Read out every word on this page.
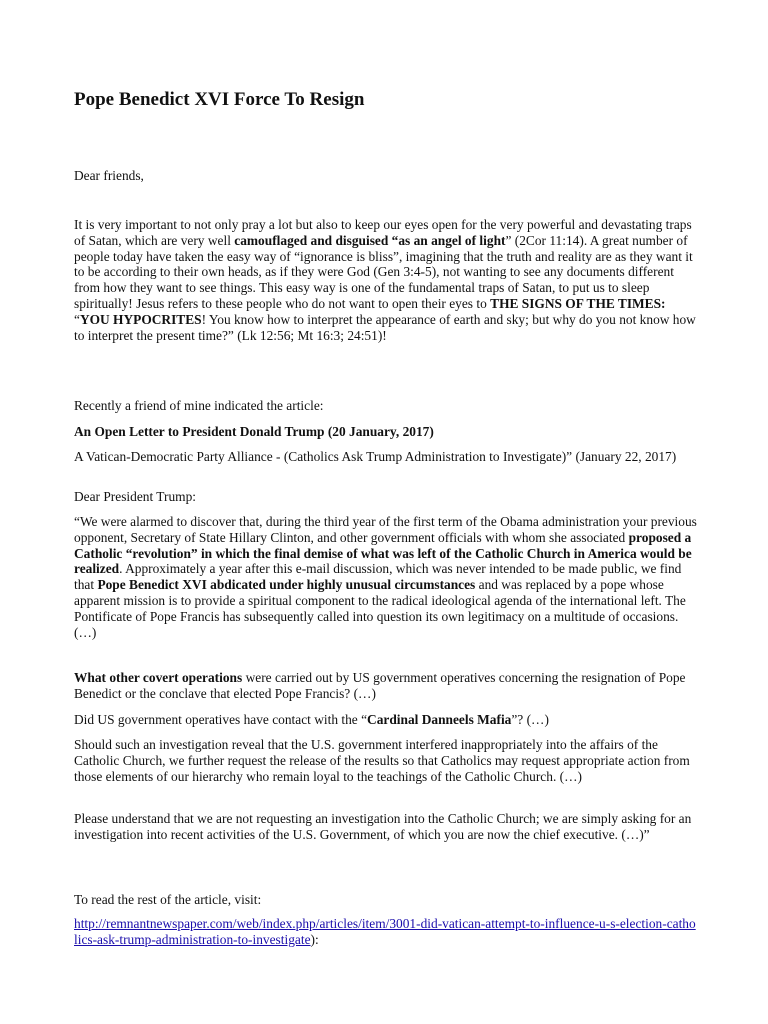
Pope Benedict XVI Force To Resign

Dear friends,

It is very important to not only pray a lot but also to keep our eyes open for the very powerful and devastating traps of Satan, which are very well camouflaged and disguised “as an angel of light” (2Cor 11:14). A great number of people today have taken the easy way of “ignorance is bliss”, imagining that the truth and reality are as they want it to be according to their own heads, as if they were God (Gen 3:4-5), not wanting to see any documents different from how they want to see things. This easy way is one of the fundamental traps of Satan, to put us to sleep spiritually! Jesus refers to these people who do not want to open their eyes to THE SIGNS OF THE TIMES: “YOU HYPOCRITES! You know how to interpret the appearance of earth and sky; but why do you not know how to interpret the present time?” (Lk 12:56; Mt 16:3; 24:51)!

Recently a friend of mine indicated the article:

An Open Letter to President Donald Trump (20 January, 2017)

A Vatican-Democratic Party Alliance - (Catholics Ask Trump Administration to Investigate)” (January 22, 2017)

Dear President Trump:

“We were alarmed to discover that, during the third year of the first term of the Obama administration your previous opponent, Secretary of State Hillary Clinton, and other government officials with whom she associated proposed a Catholic “revolution” in which the final demise of what was left of the Catholic Church in America would be realized. Approximately a year after this e-mail discussion, which was never intended to be made public, we find that Pope Benedict XVI abdicated under highly unusual circumstances and was replaced by a pope whose apparent mission is to provide a spiritual component to the radical ideological agenda of the international left. The Pontificate of Pope Francis has subsequently called into question its own legitimacy on a multitude of occasions. (…)

What other covert operations were carried out by US government operatives concerning the resignation of Pope Benedict or the conclave that elected Pope Francis? (…)

Did US government operatives have contact with the “Cardinal Danneels Mafia”? (…)

Should such an investigation reveal that the U.S. government interfered inappropriately into the affairs of the Catholic Church, we further request the release of the results so that Catholics may request appropriate action from those elements of our hierarchy who remain loyal to the teachings of the Catholic Church. (…)

Please understand that we are not requesting an investigation into the Catholic Church; we are simply asking for an investigation into recent activities of the U.S. Government, of which you are now the chief executive. (…)”

To read the rest of the article, visit:

http://remnantnewspaper.com/web/index.php/articles/item/3001-did-vatican-attempt-to-influence-u-s-election-catholics-ask-trump-administration-to-investigate):
